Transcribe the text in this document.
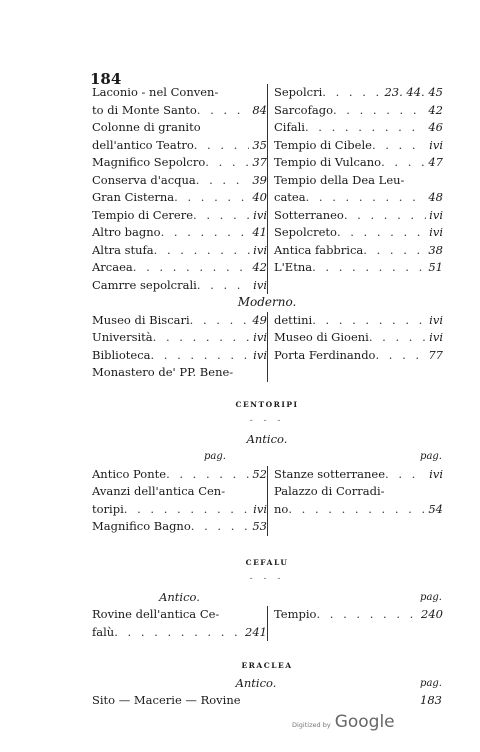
184
Laconio - nel Conven-
to di Monte Santo . . .	84
Colonne di granito
dell'antico Teatro . . .	35
Magnifico Sepolcro . . .	37
Conserva d'acqua . . .	39
Gran Cisterna . . .	40
Tempio di Cerere . . .	ivi
Altro bagno . . .	41
Altra stufa . . .	ivi
Arcaea . . .	42
Camrre sepolcrali . . .	ivi
Sepolcri . . .	23. 44. 45
Sarcofago . . .	42
Cifali . . .	46
Tempio di Cibele . . .	ivi
Tempio di Vulcano . . .	47
Tempio della Dea Leu-
catea . . .	48
Sotterraneo . . .	ivi
Sepolcreto . . .	ivi
Antica fabbrica . . .	38
L'Etna . . .	51

Moderno.
Museo di Biscari . . .	49
Università . . .	ivi
Biblioteca . . .	ivi
Monastero de' PP. Bene-
dettini . . .	ivi
Museo di Gioeni . . .	ivi
Porta Ferdinando . . .	77

CENTORIPI
- - -
Antico.
pag.	pag.
Antico Ponte . . .	52
Avanzi dell'antica Cen-
toripi . . .	ivi
Magnifico Bagno . . .	53
Stanze sotterranee . . .	ivi
Palazzo di Corradi-
no . . .	54

CEFALU
- - -
Antico.	pag.
Rovine dell'antica Ce-
falù . . .	241
Tempio . . .	240

ERACLEA
Antico.	pag.
Sito — Macerie — Rovine	183
Digitized by Google
